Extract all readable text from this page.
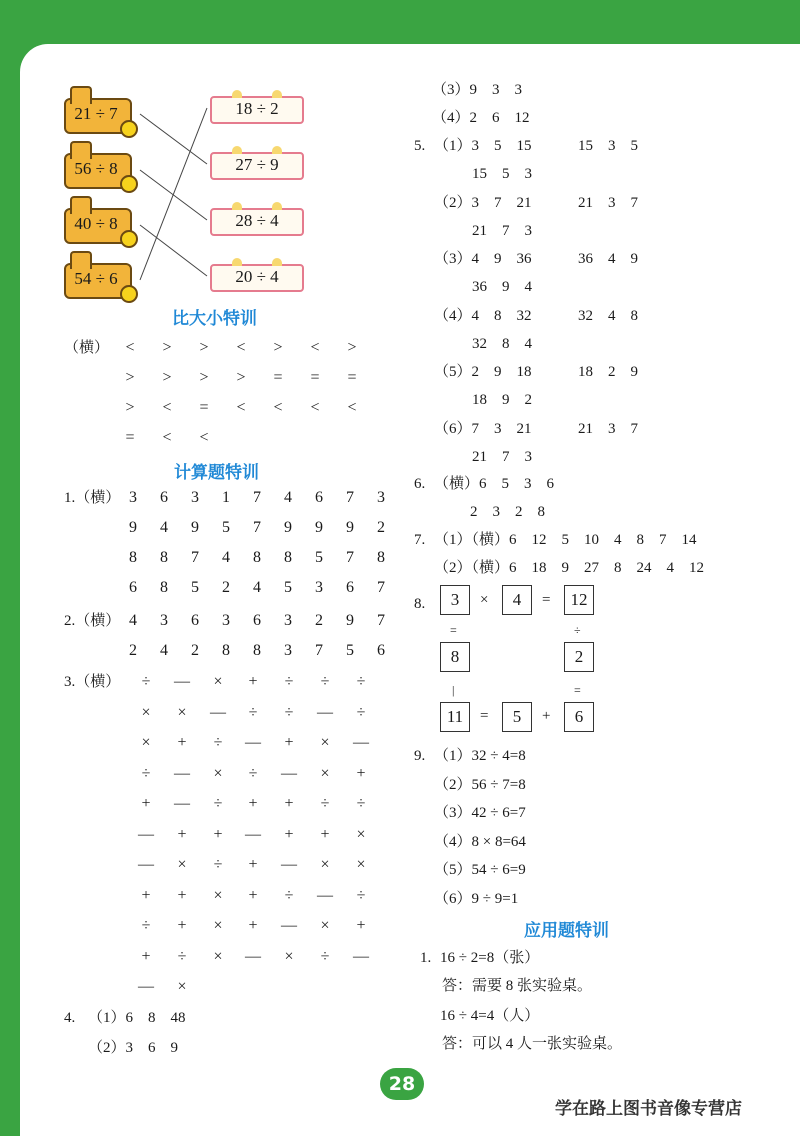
21 ÷ 7
56 ÷ 8
40 ÷ 8
54 ÷ 6
18 ÷ 2
27 ÷ 9
28 ÷ 4
20 ÷ 4
比大小特训
（横）	<	>	>	<	>	<	>
>	>	>	>	=	=	=
>	<	=	<	<	<	<
=	<	<
计算题特训
1.（横） 3	6	3	1	7	4	6	7	3
9	4	9	5	7	9	9	9	2
8	8	7	4	8	8	5	7	8
6	8	5	2	4	5	3	6	7
2.（横） 4	3	6	3	6	3	2	9	7
2	4	2	8	8	3	7	5	6
3.（横）	÷	—	×	+	÷	÷	÷
×	×	—	÷	÷	—	÷
×	+	÷	—	+	×	—
÷	—	×	÷	—	×	+
+	—	÷	+	+	÷	÷
—	+	+	—	+	+	×
—	×	÷	+	—	×	×
+	+	×	+	÷	—	÷
÷	+	×	+	—	×	+
+	÷	×	—	×	÷	—
—	×
4. （1）6　8　48
（2）3　6　9
（3）9　3　3
（4）2　6　12
5. （1）3　5　15	15　3　5
15　5　3
（2）3　7　21	21　3　7
21　7　3
（3）4　9　36	36　4　9
36　9　4
（4）4　8　32	32　4　8
32　8　4
（5）2　9　18	18　2　9
18　9　2
（6）7　3　21	21　3　7
21　7　3
6. （横）6　5　3　6
2　3　2　8
7. （1）（横）6　12　5　10　4　8　7　14
（2）（横）6　18　9　27　8　24　4　12
8.	3	×	4	=	12
=	÷
8	2
|	=
11	=	5	+	6
9. （1）32 ÷ 4=8
（2）56 ÷ 7=8
（3）42 ÷ 6=7
（4）8 × 8=64
（5）54 ÷ 6=9
（6）9 ÷ 9=1
应用题特训
1. 16 ÷ 2=8（张）
答：需要 8 张实验桌。
16 ÷ 4=4（人）
答：可以 4 人一张实验桌。
28
学在路上图书音像专营店
